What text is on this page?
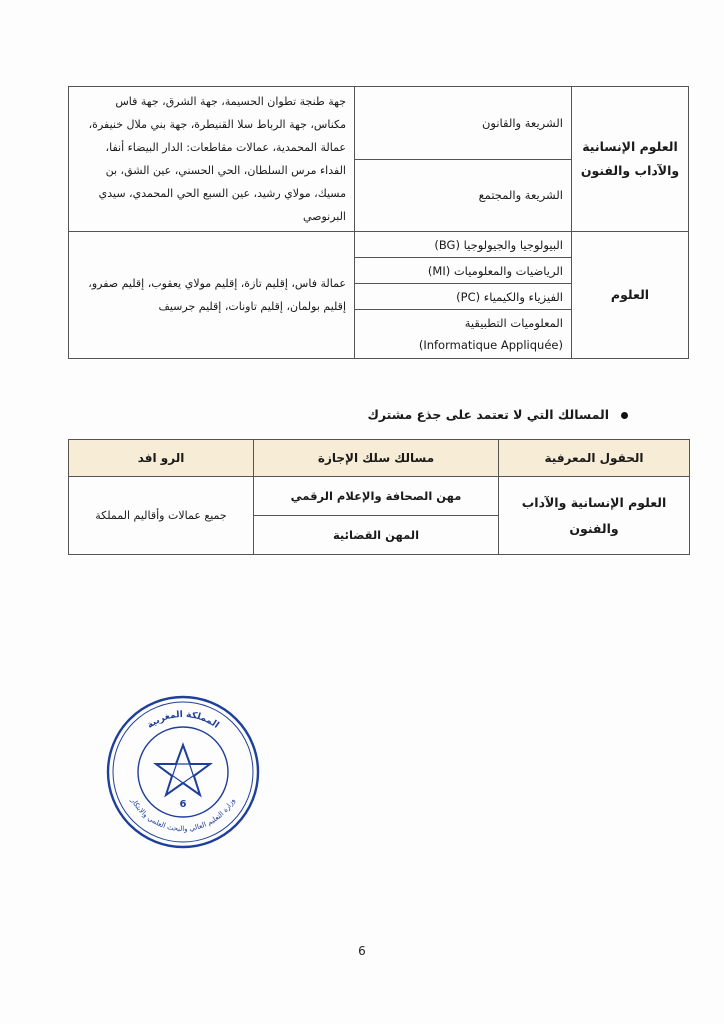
العلوم الإنسانية والآداب والفنون	الشريعة والقانون	جهة طنجة تطوان الحسيمة، جهة الشرق، جهة فاس مكناس، جهة الرباط سلا القنيطرة، جهة بني ملال خنيفرة، عمالة المحمدية، عمالات مقاطعات: الدار البيضاء أنفا، الفداء مرس السلطان، الحي الحسني، عين الشق، بن مسيك، مولاي رشيد، عين السبع الحي المحمدي، سيدي البرنوصي
	الشريعة والمجتمع	
العلوم	البيولوجيا والجيولوجيا (BG)	عمالة فاس، إقليم تازة، إقليم مولاي يعقوب، إقليم صفرو، إقليم بولمان، إقليم تاونات، إقليم جرسيف
	الرياضيات والمعلوميات (MI)	
	الفيزياء والكيمياء (PC)	

	المعلوميات التطبيقية
(Informatique Appliquée)	
المسالك التي لا تعتمد على جذع مشترك
الحقول المعرفية	مسالك سلك الإجازة	الرو افد
العلوم الإنسانية والآداب والفنون	مهن الصحافة والإعلام الرقمي	جميع عمالات وأقاليم المملكة
	المهن القضائية	
المملكة المغربية
وزارة التعليم العالي والبحث العلمي والابتكار
6
6
